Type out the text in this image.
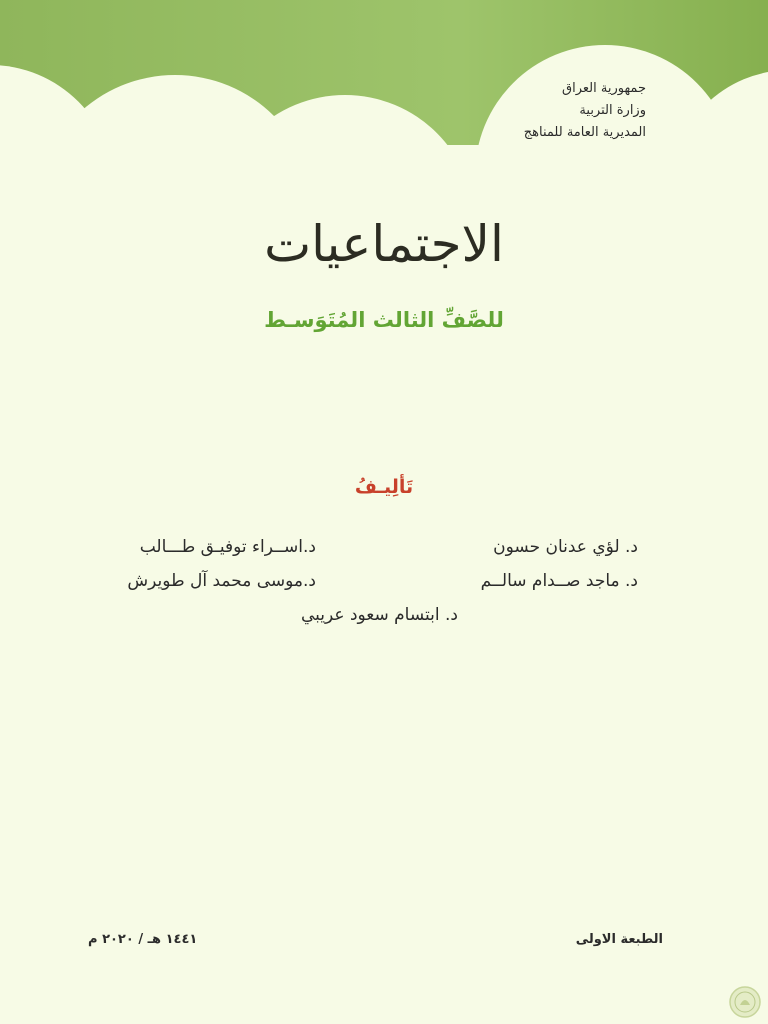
جمهورية العراق
وزارة التربية
المديرية العامة للمناهج
الاجتماعيات
للصَّفِّ الثالث المُتَوَسـط
تَألِيـفُ
د. لؤي عدنان حسون
د.اســراء توفيـق طـــالب
د. ماجد صــدام سالــم
د.موسى محمد آل طويرش
د. ابتسام سعود عريبي
الطبعة الاولى
١٤٤١ هـ / ٢٠٢٠ م
